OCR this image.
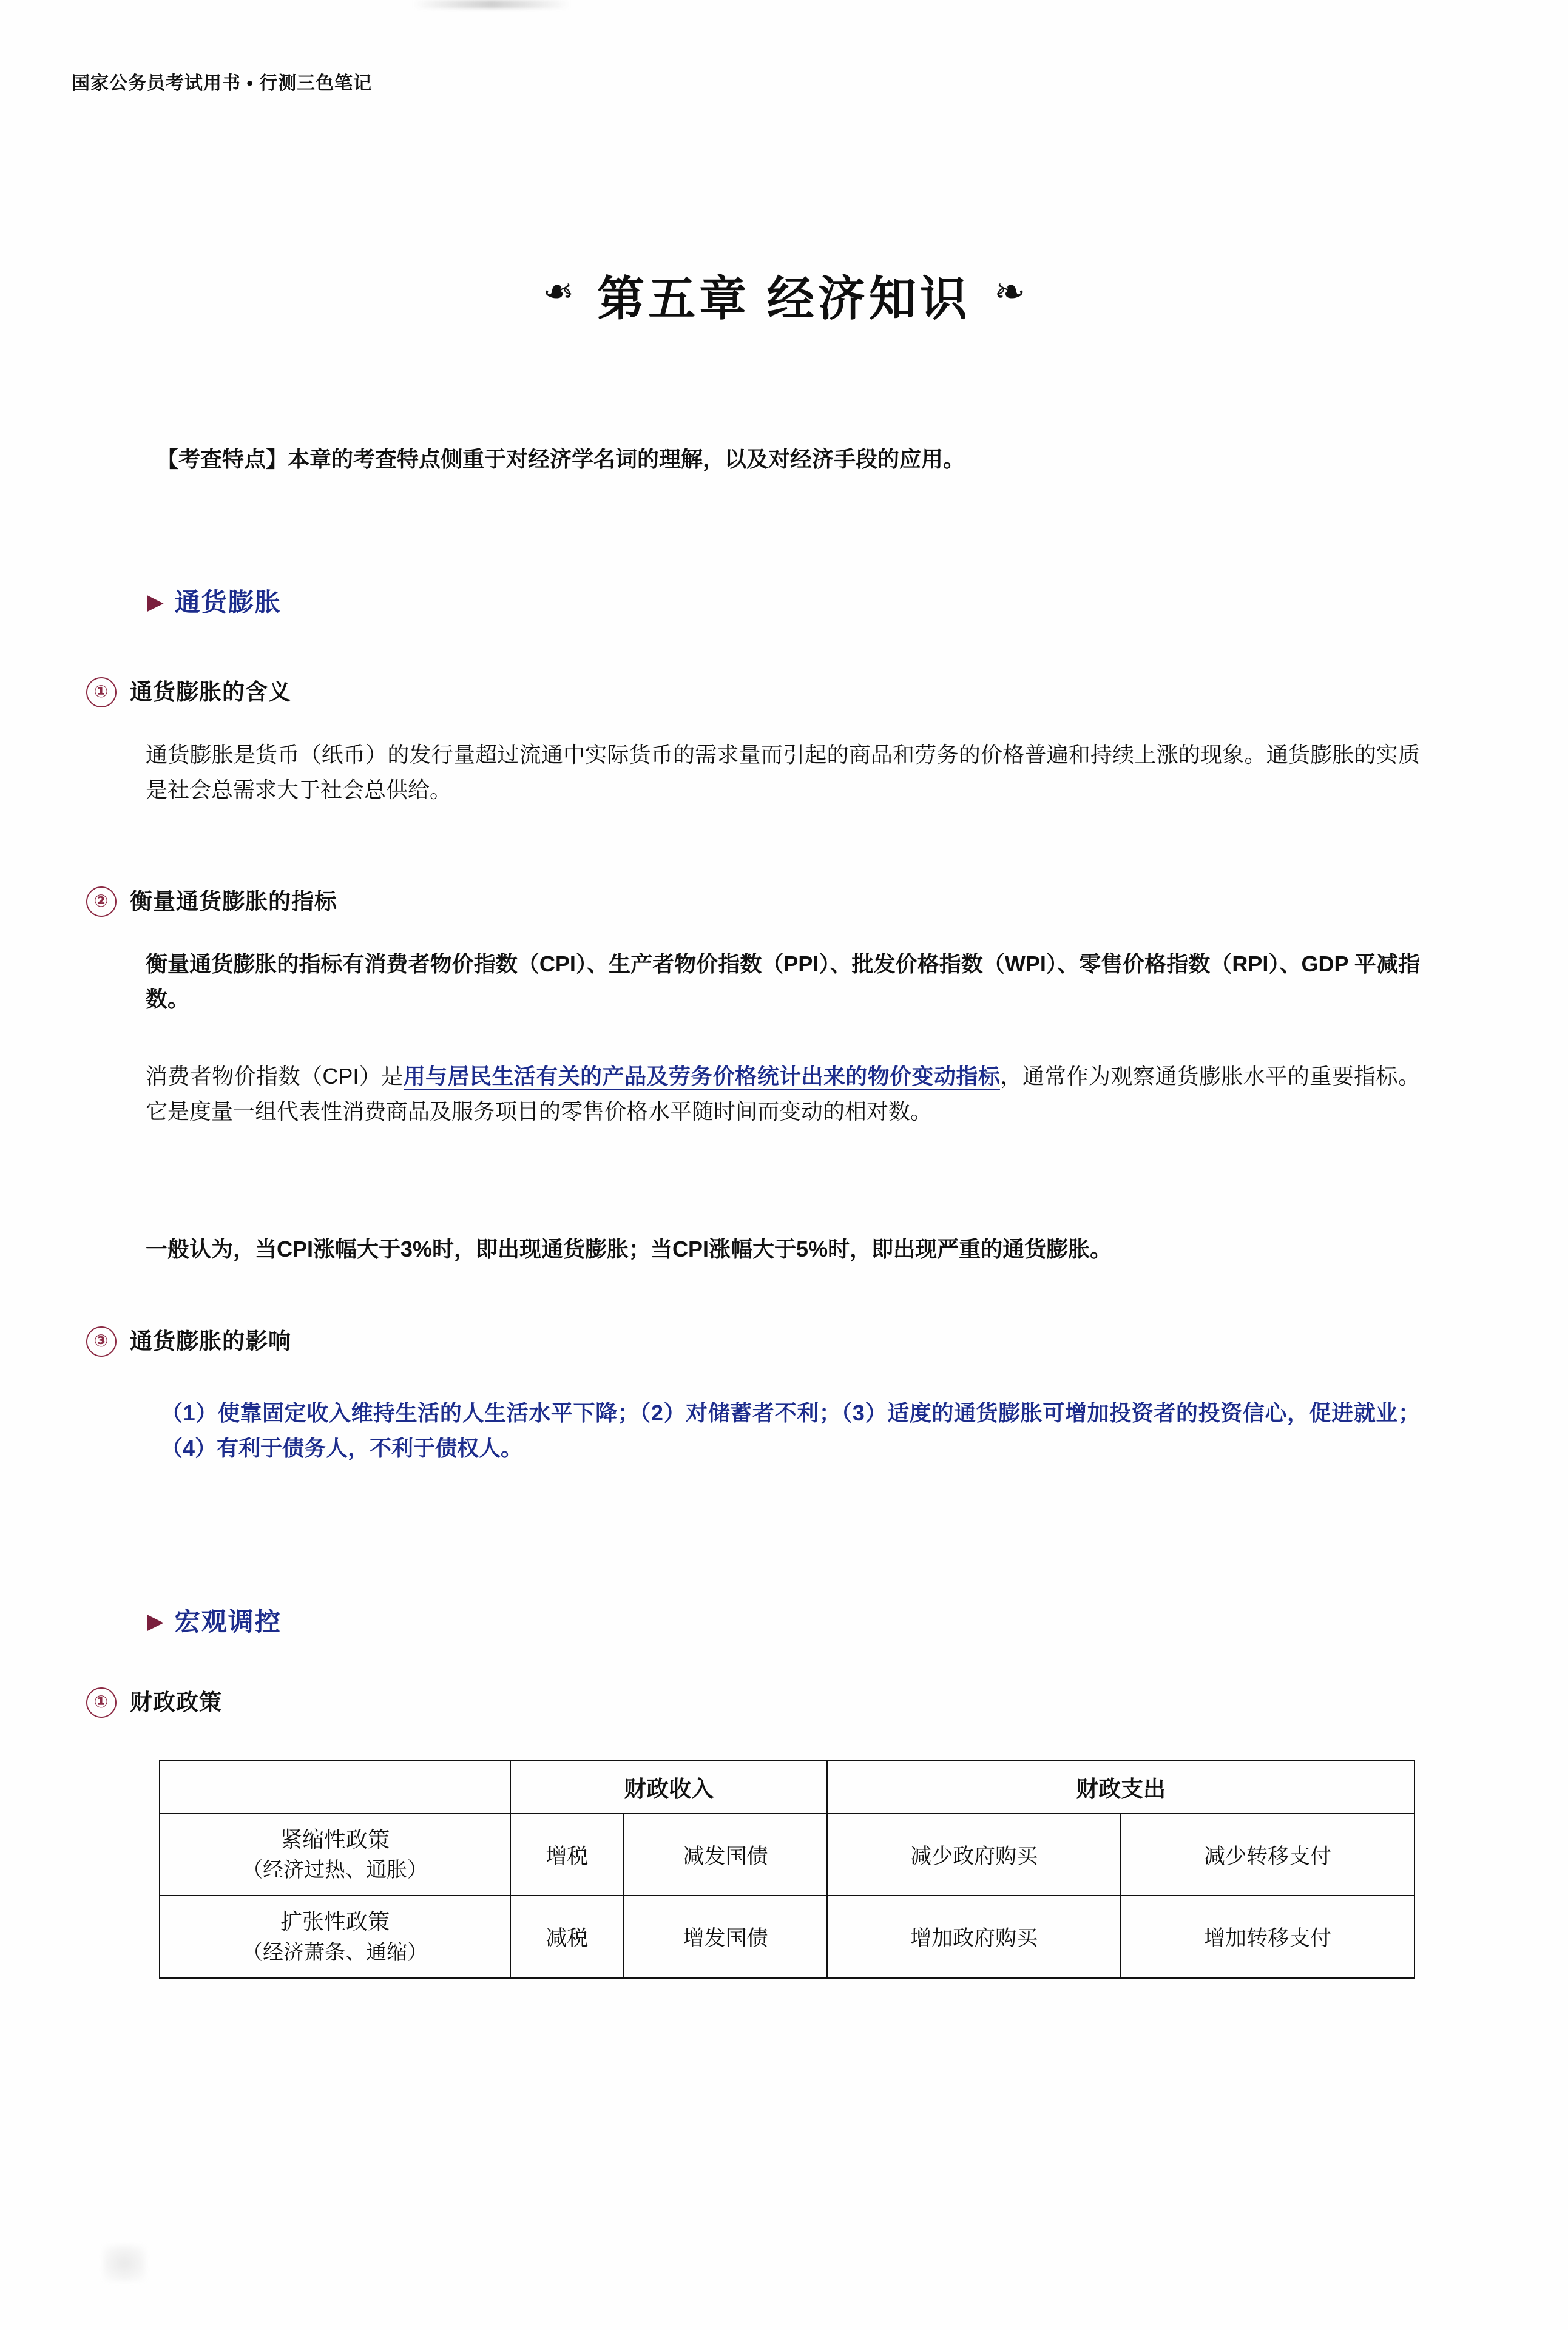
国家公务员考试用书 • 行测三色笔记
❧ 第五章 经济知识 ❧
【考查特点】本章的考查特点侧重于对经济学名词的理解，以及对经济手段的应用。
▶ 通货膨胀
① 通货膨胀的含义
通货膨胀是货币（纸币）的发行量超过流通中实际货币的需求量而引起的商品和劳务的价格普遍和持续上涨的现象。通货膨胀的实质是社会总需求大于社会总供给。
② 衡量通货膨胀的指标
衡量通货膨胀的指标有消费者物价指数（CPI）、生产者物价指数（PPI）、批发价格指数（WPI）、零售价格指数（RPI）、GDP 平减指数。
消费者物价指数（CPI）是用与居民生活有关的产品及劳务价格统计出来的物价变动指标，通常作为观察通货膨胀水平的重要指标。它是度量一组代表性消费商品及服务项目的零售价格水平随时间而变动的相对数。
一般认为，当CPI涨幅大于3%时，即出现通货膨胀；当CPI涨幅大于5%时，即出现严重的通货膨胀。
③ 通货膨胀的影响
（1）使靠固定收入维持生活的人生活水平下降；（2）对储蓄者不利；（3）适度的通货膨胀可增加投资者的投资信心，促进就业；（4）有利于债务人，不利于债权人。
▶ 宏观调控
① 财政政策
	财政收入		财政支出	

紧缩性政策
（经济过热、通胀）	增税	减发国债	减少政府购买	减少转移支付

扩张性政策
（经济萧条、通缩）	减税	增发国债	增加政府购买	增加转移支付
